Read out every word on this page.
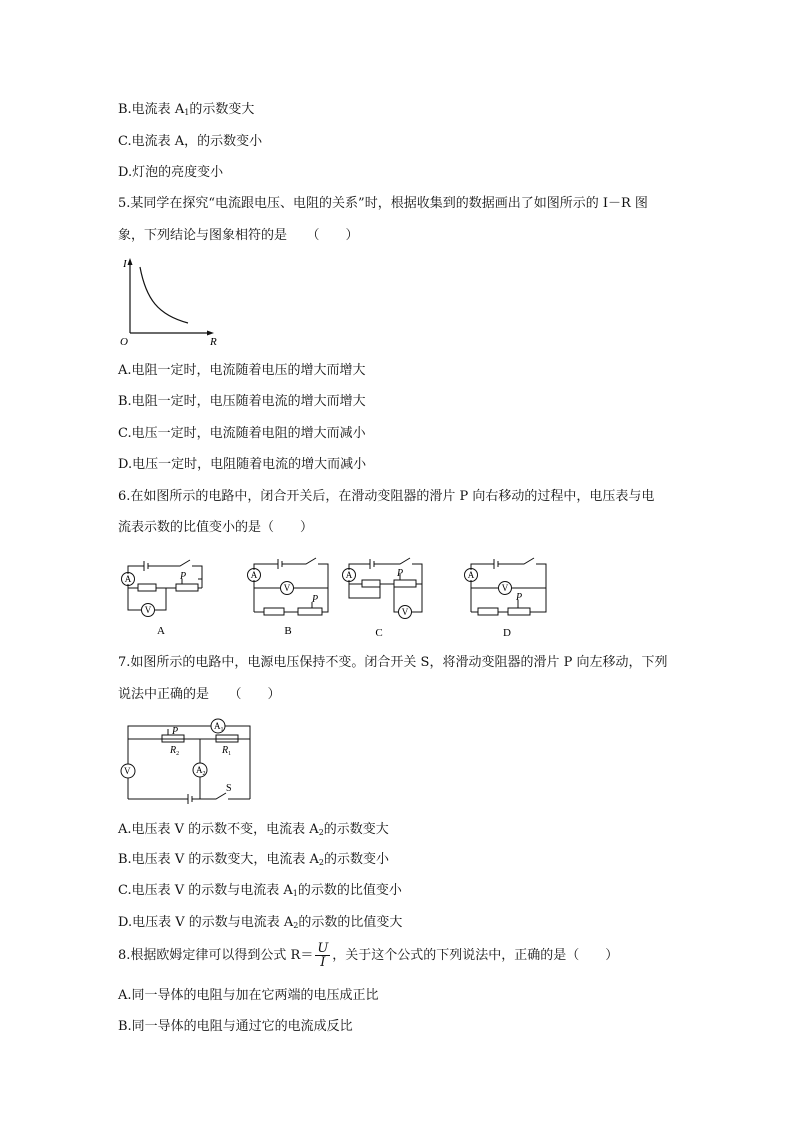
B.电流表 $A_1$的示数变大
C.电流表 A，的示数变小
D.灯泡的亮度变小
5.某同学在探究“电流跟电压、电阻的关系”时，根据收集到的数据画出了如图所示的 I－R 图
象，下列结论与图象相符的是　　（　　）
I
R
O
A.电阻一定时，电流随着电压的增大而增大
B.电阻一定时，电压随着电流的增大而增大
C.电压一定时，电流随着电阻的增大而减小
D.电压一定时，电阻随着电流的增大而减小
6.在如图所示的电路中，闭合开关后，在滑动变阻器的滑片 P 向右移动的过程中，电压表与电
流表示数的比值变小的是（　　）
A
V
A
V
A
V
A
V
P
P
P
P
A	B	C	D
7.如图所示的电路中，电源电压保持不变。闭合开关 S，将滑动变阻器的滑片 P 向左移动，下列
说法中正确的是　　（　　）
$A_1$
V	$A_2$
P
$R_2$	$R_1$
S
A.电压表 V 的示数不变，电流表 $A_2$的示数变大
B.电压表 V 的示数变大，电流表 $A_2$的示数变小
C.电压表 V 的示数与电流表 $A_1$的示数的比值变小
D.电压表 V 的示数与电流表 $A_2$的示数的比值变大
8.根据欧姆定律可以得到公式 $R= \frac{U}{I}$ ，关于这个公式的下列说法中，正确的是（　　）
A.同一导体的电阻与加在它两端的电压成正比
B.同一导体的电阻与通过它的电流成反比
